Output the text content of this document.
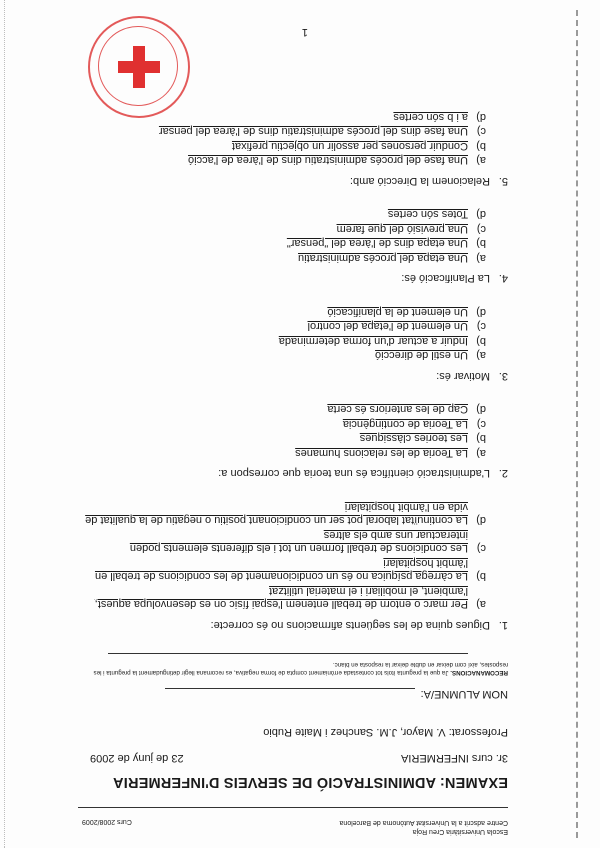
Escola Universitària Creu Roja
Centre adscrit a la Universitat Autònoma de Barcelona
Curs 2008/2009
EXAMEN: ADMINISTRACIÓ DE SERVEIS D'INFERMERIA
3r. curs INFERMERIA
23 de juny de 2009
Professorat: V. Mayor, J.M. Sanchez i Maite Rubio
NOM ALUMNE/A:
RECOMANACIONS. Ja que la pregunta ítols tot contestada erròniament compta de forma negativa, es recomana llegir detingudament la pregunta i les respostes, així com deixar en dubte deixar la resposta en blanc.
1.
Digues quina de les següents afirmacions no és correcte:
a)
Per marc o entorn de treball entenem l'espai físic on es desenvolupa aquest, l'ambient, el mobiliari i el material utilitzat
b)
La càrrega psíquica no és un condicionament de les condicions de treball en l'àmbit hospitalari
c)
Les condicions de treball formen un tot i els diferents elements poden interactuar uns amb els altres
d)
La continuïtat laboral pot ser un condicionant positiu o negatiu de la qualitat de vida en l'àmbit hospitalari
2.
L'administració científica és una teoria que correspon a:
a)
La Teoria de les relacions humanes
b)
Les teories clàssiques
c)
La Teoria de contingència
d)
Cap de les anteriors és certa
3.
Motivar és:
a)
Un estil de direcció
b)
Induir a actuar d'un forma determinada
c)
Un element de l'etapa del control
d)
Un element de la planificació
4.
La Planificació és:
a)
Una etapa del procés administratiu
b)
Una etapa dins de l'àrea del "pensar"
c)
Una previsió del que farem
d)
Totes són certes
5.
Relacionem la Direcció amb:
a)
Una fase del procés administratiu dins de l'àrea de l'acció
b)
Conduir persones per assolir un objectiu prefixat
c)
Una fase dins del procés administratiu dins de l'àrea del pensar
d)
a i b són certes
1
